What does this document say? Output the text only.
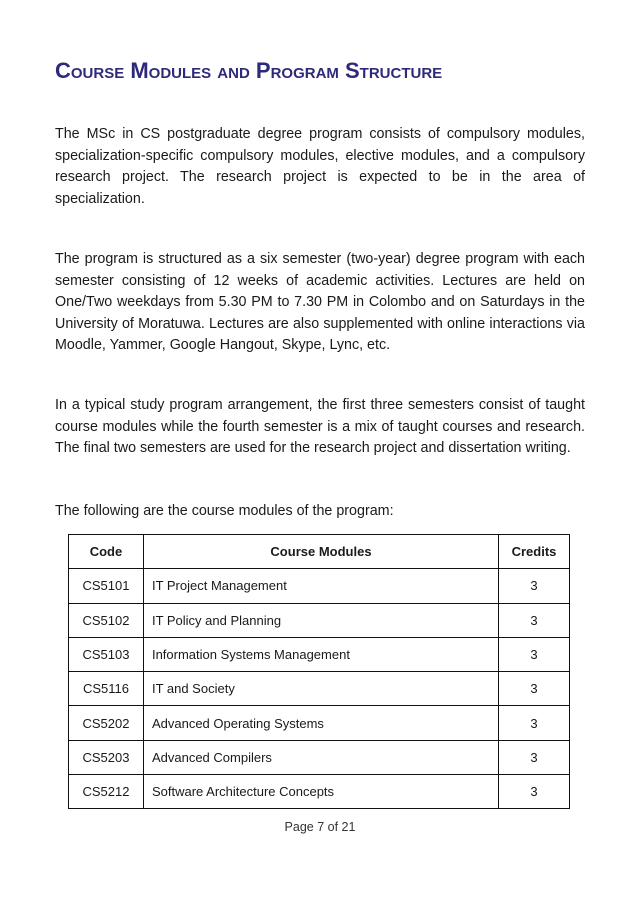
Course Modules and Program Structure

The MSc in CS postgraduate degree program consists of compulsory modules, specialization-specific compulsory modules, elective modules, and a compulsory research project. The research project is expected to be in the area of specialization.

The program is structured as a six semester (two-year) degree program with each semester consisting of 12 weeks of academic activities. Lectures are held on One/Two weekdays from 5.30 PM to 7.30 PM in Colombo and on Saturdays in the University of Moratuwa. Lectures are also supplemented with online interactions via Moodle, Yammer, Google Hangout, Skype, Lync, etc.

In a typical study program arrangement, the first three semesters consist of taught course modules while the fourth semester is a mix of taught courses and research. The final two semesters are used for the research project and dissertation writing.

The following are the course modules of the program:

Code	Course Modules	Credits
CS5101	IT Project Management	3
CS5102	IT Policy and Planning	3
CS5103	Information Systems Management	3
CS5116	IT and Society	3
CS5202	Advanced Operating Systems	3
CS5203	Advanced Compilers	3
CS5212	Software Architecture Concepts	3
Page 7 of 21
